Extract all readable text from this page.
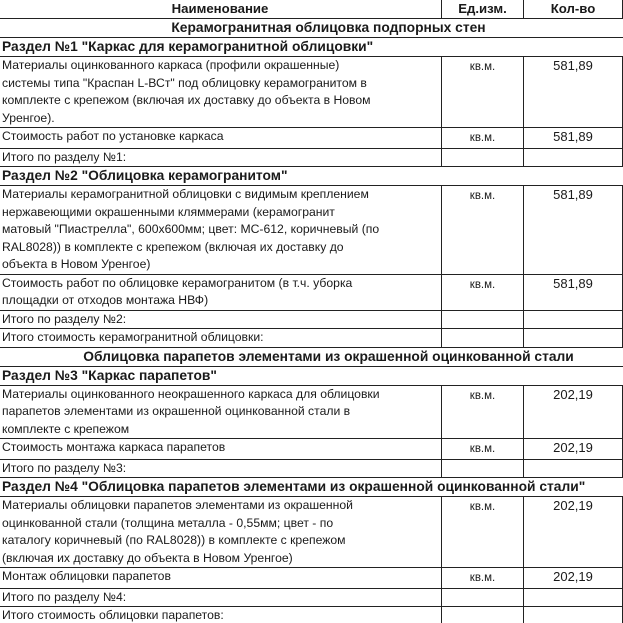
Наименование	Ед.изм.	Кол-во	
Керамогранитная облицовка подпорных стен			
Раздел №1 "Каркас для керамогранитной облицовки"			

Материалы оцинкованного каркаса (профили окрашенные)
системы типа "Краспан L-ВСт" под облицовку керамогранитом в
комплекте с крепежом (включая их доставку до объекта в Новом
Уренгое).	кв.м.	581,89	

Стоимость работ по установке каркаса	кв.м.	581,89	

Итого по разделу №1:			

Раздел №2 "Облицовка керамогранитом"			

Материалы керамогранитной облицовки с видимым креплением
нержавеющими окрашенными кляммерами (керамогранит
матовый "Пиастрелла", 600х600мм; цвет: МС-612, коричневый (по
RAL8028)) в комплекте с крепежом (включая их доставку до
объекта в Новом Уренгое)	кв.м.	581,89	

Стоимость работ по облицовке керамогранитом (в т.ч. уборка
площадки от отходов монтажа НВФ)	кв.м.	581,89	

Итого по разделу №2:			

Итого стоимость керамогранитной облицовки:			

Облицовка парапетов элементами из окрашенной оцинкованной стали			
Раздел №3 "Каркас парапетов"			

Материалы оцинкованного неокрашенного каркаса для облицовки
парапетов элементами из окрашенной оцинкованной стали в
комплекте с крепежом	кв.м.	202,19	

Стоимость монтажа каркаса парапетов	кв.м.	202,19	

Итого по разделу №3:			

Раздел №4 "Облицовка парапетов элементами из окрашенной оцинкованной стали"			

Материалы облицовки парапетов элементами из окрашенной
оцинкованной стали (толщина металла - 0,55мм; цвет - по
каталогу коричневый (по RAL8028)) в комплекте с крепежом
(включая их доставку до объекта в Новом Уренгое)	кв.м.	202,19	

Монтаж облицовки парапетов	кв.м.	202,19	

Итого по разделу №4:			

Итого стоимость облицовки парапетов:			
